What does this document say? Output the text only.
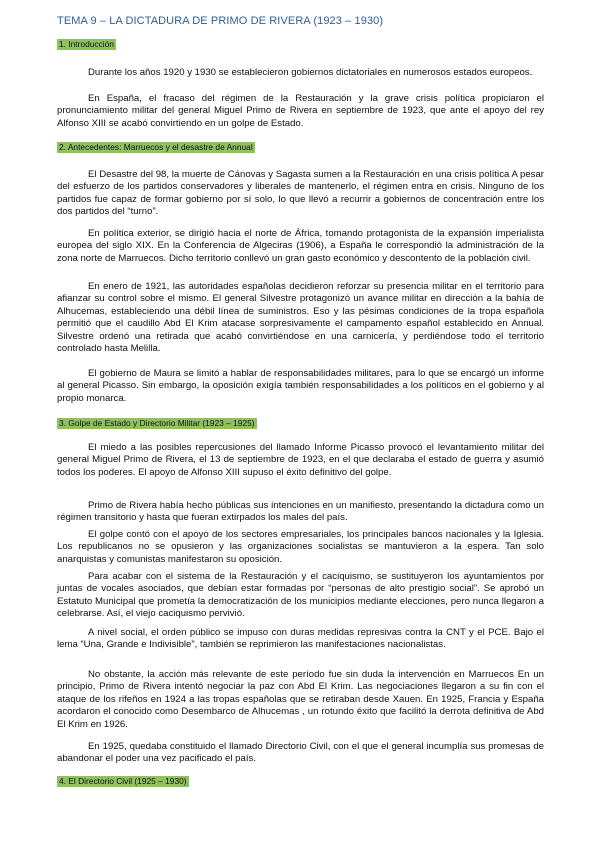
TEMA 9 – LA DICTADURA DE PRIMO DE RIVERA (1923 – 1930)
1. Introducción

Durante los años 1920 y 1930 se establecieron gobiernos dictatoriales en numerosos estados europeos.

En España, el fracaso del régimen de la Restauración y la grave crisis política propiciaron el pronunciamiento militar del general Miguel Primo de Rivera en septiembre de 1923, que ante el apoyo del rey Alfonso XIII se acabó convirtiendo en un golpe de Estado.

2. Antecedentes: Marruecos y el desastre de Annual

El Desastre del 98, la muerte de Cánovas y Sagasta sumen a la Restauración en una crisis política A pesar del esfuerzo de los partidos conservadores y liberales de mantenerlo, el régimen entra en crisis. Ninguno de los partidos fue capaz de formar gobierno por sí solo, lo que llevó a recurrir a gobiernos de concentración entre los dos partidos del “turno”.

En política exterior, se dirigió hacia el norte de África, tomando protagonista de la expansión imperialista europea del siglo XIX. En la Conferencia de Algeciras (1906), a España le correspondió la administración de la zona norte de Marruecos. Dicho territorio conllevó un gran gasto económico y descontento de la población civil.

En enero de 1921, las autoridades españolas decidieron reforzar su presencia militar en el territorio para afianzar su control sobre el mismo. El general Silvestre protagonizó un avance militar en dirección a la bahía de Alhucemas, estableciendo una débil línea de suministros. Eso y las pésimas condiciones de la tropa española permitió que el caudillo Abd El Krim atacase sorpresivamente el campamento español establecido en Annual. Silvestre ordenó una retirada que acabó convirtiéndose en una carnicería, y perdiéndose todo el territorio controlado hasta Melilla.

El gobierno de Maura se limitó a hablar de responsabilidades militares, para lo que se encargó un informe al general Picasso. Sin embargo, la oposición exigía también responsabilidades a los políticos en el gobierno y al propio monarca.

3. Golpe de Estado y Directorio Militar (1923 – 1925)

El miedo a las posibles repercusiones del llamado Informe Picasso provocó el levantamiento militar del general Miguel Primo de Rivera, el 13 de septiembre de 1923, en el que declaraba el estado de guerra y asumió todos los poderes. El apoyo de Alfonso XIII supuso el éxito definitivo del golpe.

Primo de Rivera había hecho públicas sus intenciones en un manifiesto, presentando la dictadura como un régimen transitorio y hasta que fueran extirpados los males del país.

El golpe contó con el apoyo de los sectores empresariales, los principales bancos nacionales y la Iglesia. Los republicanos no se opusieron y las organizaciones socialistas se mantuvieron a la espera. Tan solo anarquistas y comunistas manifestaron su oposición.

Para acabar con el sistema de la Restauración y el caciquismo, se sustituyeron los ayuntamientos por juntas de vocales asociados, que debían estar formadas por “personas de alto prestigio social”. Se aprobó un Estatuto Municipal que prometía la democratización de los municipios mediante elecciones, pero nunca llegaron a celebrarse. Así, el viejo caciquismo pervivió.

A nivel social, el orden público se impuso con duras medidas represivas contra la CNT y el PCE. Bajo el lema “Una, Grande e Indivisible”, también se reprimieron las manifestaciones nacionalistas.

No obstante, la acción más relevante de este período fue sin duda la intervención en Marruecos En un principio, Primo de Rivera intentó negociar la paz con Abd El Krim. Las negociaciones llegaron a su fin con el ataque de los rifeños en 1924 a las tropas españolas que se retiraban desde Xauen. En 1925, Francia y España acordaron el conocido como Desembarco de Alhucemas , un rotundo éxito que facilitó la derrota definitiva de Abd El Krim en 1926.

En 1925, quedaba constituido el llamado Directorio Civil, con el que el general incumplía sus promesas de abandonar el poder una vez pacificado el país.

4. El Directorio Civil (1925 – 1930)
